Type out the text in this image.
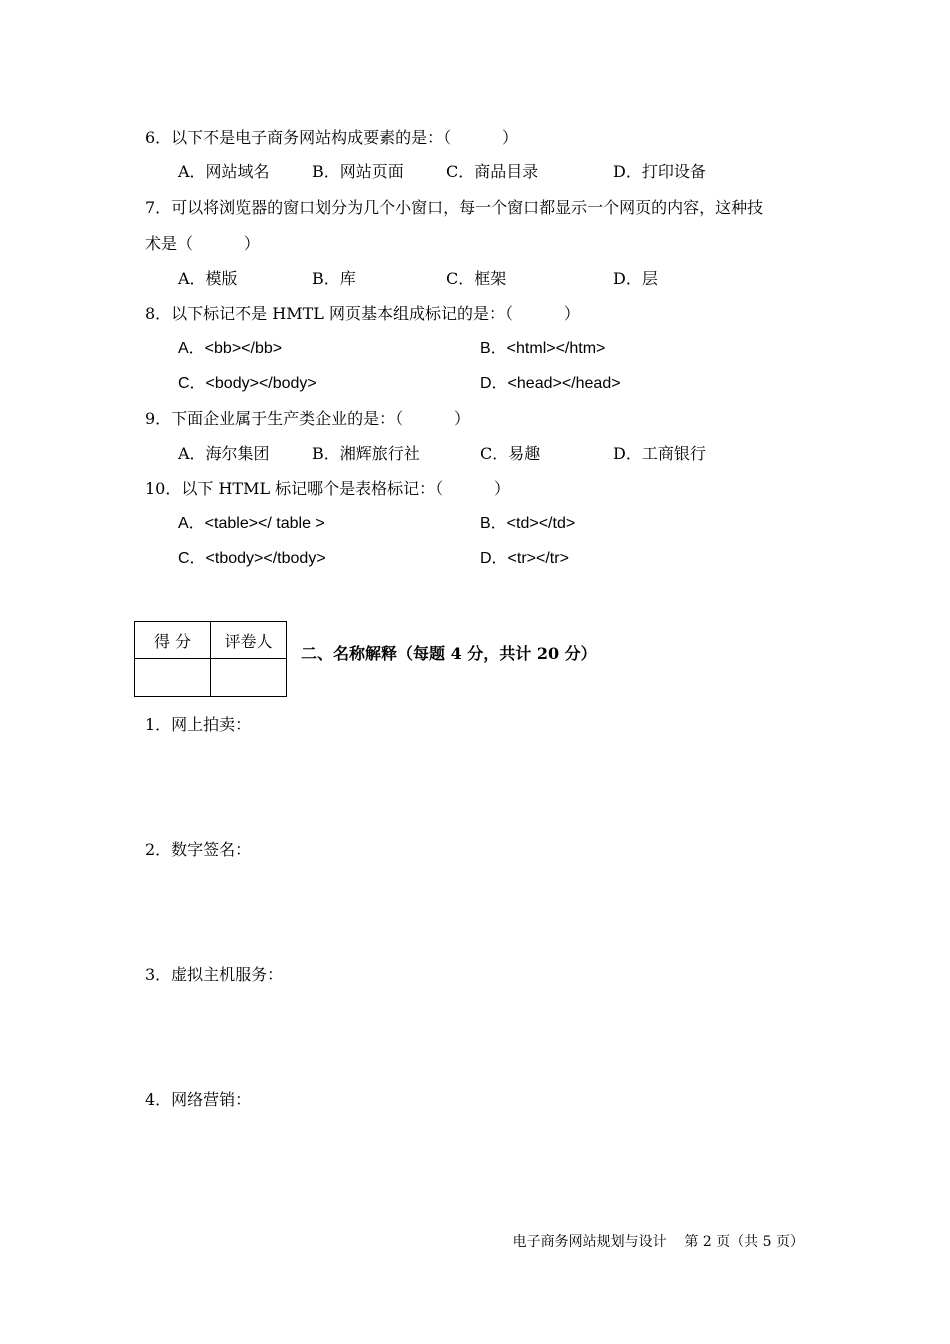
6．以下不是电子商务网站构成要素的是：（          ）
A．网站域名	B．网站页面	C．商品目录	D．打印设备
7．可以将浏览器的窗口划分为几个小窗口，每一个窗口都显示一个网页的内容，这种技
术是（          ）
A．模版	B．库	C．框架	D．层
8．以下标记不是 HMTL 网页基本组成标记的是：（          ）
A．<bb></bb>	B．<html></htm>
C．<body></body>	D．<head></head>
9．下面企业属于生产类企业的是：（          ）
A．海尔集团	B．湘辉旅行社	C．易趣	D．工商银行
10．以下 HTML 标记哪个是表格标记：（          ）
A．<table></ table >	B．<td></td>
C．<tbody></tbody>	D．<tr></tr>
得 分	评卷人

二、名称解释（每题 4 分，共计 20 分）
1．网上拍卖：
2．数字签名：
3．虚拟主机服务：
4．网络营销：
电子商务网站规划与设计    第 2 页（共 5 页）
